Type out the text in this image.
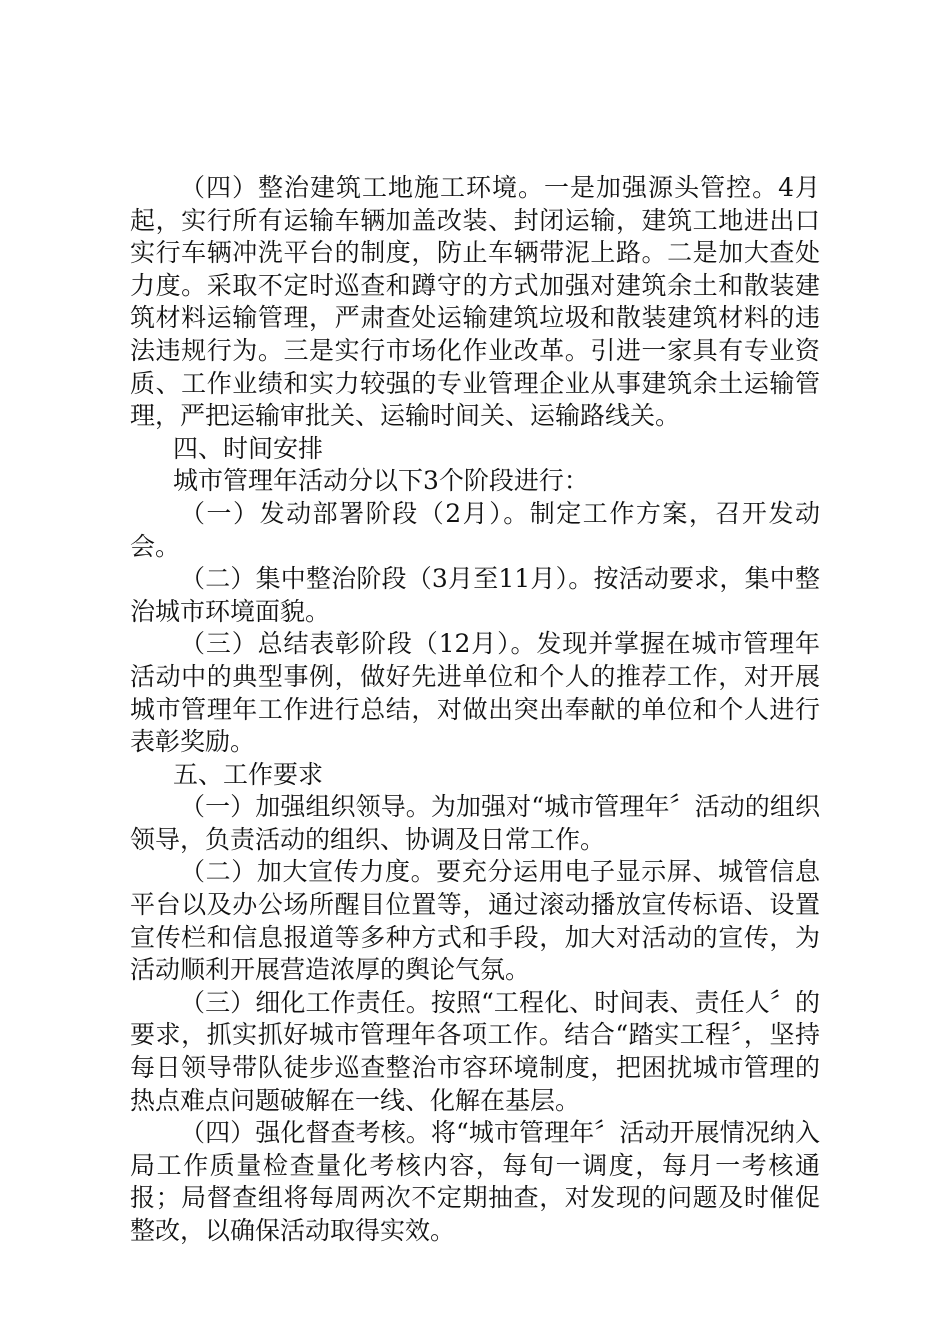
（四）整治建筑工地施工环境。一是加强源头管控。4月起，实行所有运输车辆加盖改装、封闭运输，建筑工地进出口实行车辆冲洗平台的制度，防止车辆带泥上路。二是加大查处力度。采取不定时巡查和蹲守的方式加强对建筑余土和散装建筑材料运输管理，严肃查处运输建筑垃圾和散装建筑材料的违法违规行为。三是实行市场化作业改革。引进一家具有专业资质、工作业绩和实力较强的专业管理企业从事建筑余土运输管理，严把运输审批关、运输时间关、运输路线关。

四、时间安排

城市管理年活动分以下3个阶段进行：

（一）发动部署阶段（2月）。制定工作方案，召开发动会。

（二）集中整治阶段（3月至11月）。按活动要求，集中整治城市环境面貌。

（三）总结表彰阶段（12月）。发现并掌握在城市管理年活动中的典型事例，做好先进单位和个人的推荐工作，对开展城市管理年工作进行总结，对做出突出奉献的单位和个人进行表彰奖励。

五、工作要求

（一）加强组织领导。为加强对“城市管理年〞活动的组织领导，负责活动的组织、协调及日常工作。

（二）加大宣传力度。要充分运用电子显示屏、城管信息平台以及办公场所醒目位置等，通过滚动播放宣传标语、设置宣传栏和信息报道等多种方式和手段，加大对活动的宣传，为活动顺利开展营造浓厚的舆论气氛。

（三）细化工作责任。按照“工程化、时间表、责任人〞的要求，抓实抓好城市管理年各项工作。结合“踏实工程〞，坚持每日领导带队徒步巡查整治市容环境制度，把困扰城市管理的热点难点问题破解在一线、化解在基层。

（四）强化督查考核。将“城市管理年〞活动开展情况纳入局工作质量检查量化考核内容，每旬一调度，每月一考核通报；局督查组将每周两次不定期抽查，对发现的问题及时催促整改，以确保活动取得实效。
